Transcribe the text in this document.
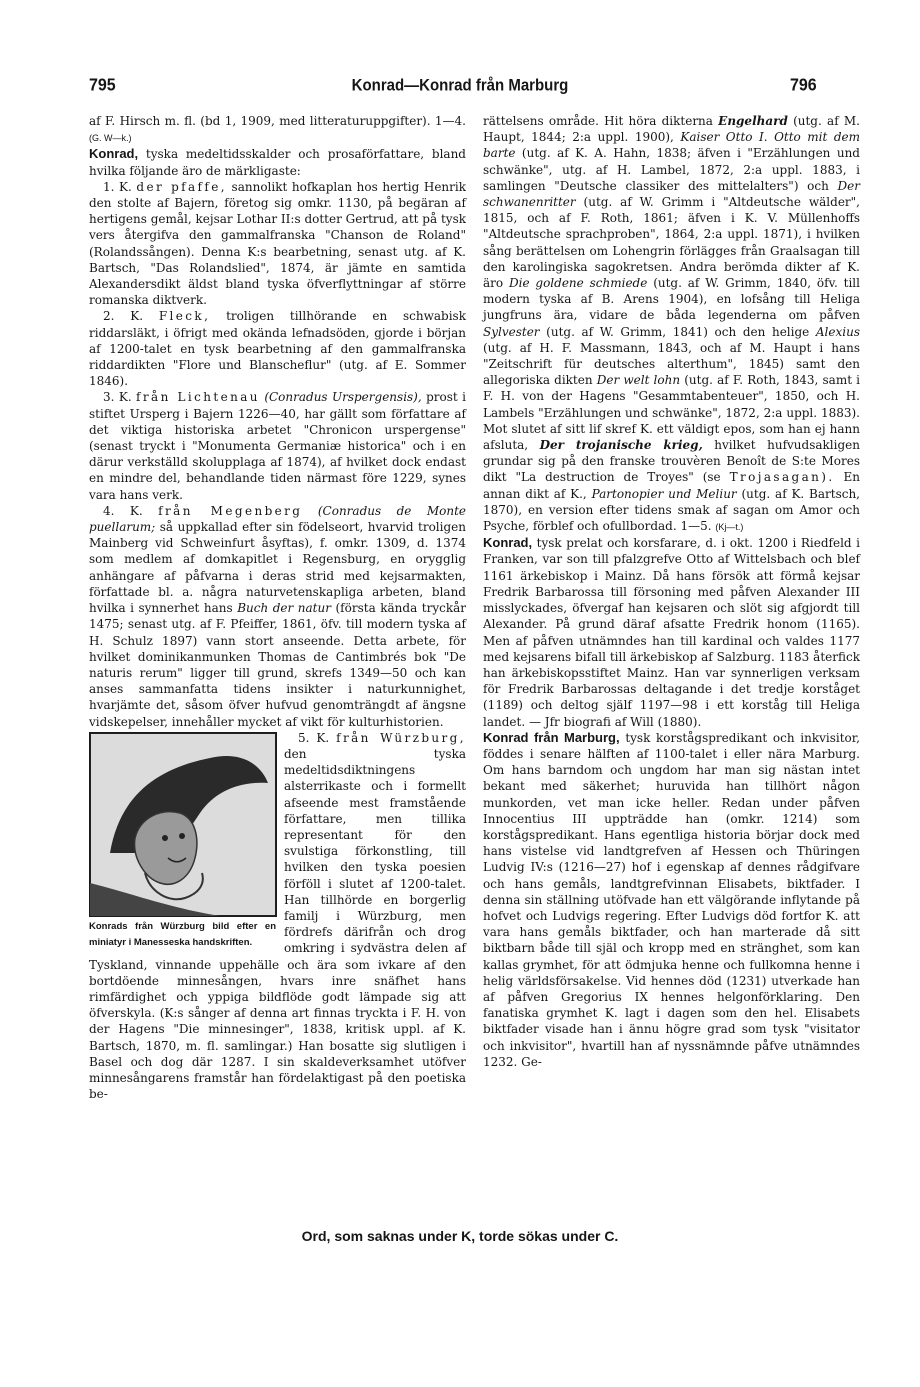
795	Konrad—Konrad från Marburg	796

af F. Hirsch m. fl. (bd 1, 1909, med litteraturuppgifter). 1—4. (G. W—k.)

Konrad, tyska medeltidsskalder och prosaförfattare, bland hvilka följande äro de märkligaste:

1. K. der pfaffe, sannolikt hofkaplan hos hertig Henrik den stolte af Bajern, företog sig omkr. 1130, på begäran af hertigens gemål, kejsar Lothar II:s dotter Gertrud, att på tysk vers återgifva den gammalfranska "Chanson de Roland" (Rolandssången). Denna K:s bearbetning, senast utg. af K. Bartsch, "Das Rolandslied", 1874, är jämte en samtida Alexandersdikt äldst bland tyska öfverflyttningar af större romanska diktverk.

2. K. Fleck, troligen tillhörande en schwabisk riddarsläkt, i öfrigt med okända lefnadsöden, gjorde i början af 1200-talet en tysk bearbetning af den gammalfranska riddardikten "Flore und Blanscheflur" (utg. af E. Sommer 1846).

3. K. från Lichtenau (Conradus Urspergensis), prost i stiftet Ursperg i Bajern 1226—40, har gällt som författare af det viktiga historiska arbetet "Chronicon urspergense" (senast tryckt i "Monumenta Germaniæ historica" och i en därur verkställd skolupplaga af 1874), af hvilket dock endast en mindre del, behandlande tiden närmast före 1229, synes vara hans verk.

4. K. från Megenberg (Conradus de Monte puellarum; så uppkallad efter sin födelseort, hvarvid troligen Mainberg vid Schweinfurt åsyftas), f. omkr. 1309, d. 1374 som medlem af domkapitlet i Regensburg, en orygglig anhängare af påfvarna i deras strid med kejsarmakten, författade bl. a. några naturvetenskapliga arbeten, bland hvilka i synnerhet hans Buch der natur (första kända tryckår 1475; senast utg. af F. Pfeiffer, 1861, öfv. till modern tyska af H. Schulz 1897) vann stort anseende. Detta arbete, för hvilket dominikanmunken Thomas de Cantimbrés bok "De naturis rerum" ligger till grund, skrefs 1349—50 och kan anses sammanfatta tidens insikter i naturkunnighet, hvarjämte det, såsom öfver hufvud genomträngdt af ängsne vidskepelser, innehåller mycket af vikt för kulturhistorien.

5. K. från Würzburg,
Konrads från Würzburg bild efter en miniatyr i Manesseska handskriften.
den tyska medeltidsdiktningens alsterrikaste och i formellt afseende mest framstående författare, men tillika representant för den svulstiga förkonstling, till hvilken den tyska poesien förföll i slutet af 1200-talet. Han tillhörde en borgerlig familj i Würzburg, men fördrefs därifrån och drog omkring i sydvästra delen af Tyskland, vinnande uppehälle och ära som ivkare af den bortdöende minnesången, hvars inre snäfhet hans rimfärdighet och yppiga bildflöde godt lämpade sig att öfverskyla. (K:s sånger af denna art finnas tryckta i F. H. von der Hagens "Die minnesinger", 1838, kritisk uppl. af K. Bartsch, 1870, m. fl. samlingar.) Han bosatte sig slutligen i Basel och dog där 1287. I sin skaldeverksamhet utöfver minnesångarens framstår han fördelaktigast på den poetiska be-

rättelsens område. Hit höra dikterna Engelhard (utg. af M. Haupt, 1844; 2:a uppl. 1900), Kaiser Otto I. Otto mit dem barte (utg. af K. A. Hahn, 1838; äfven i "Erzählungen und schwänke", utg. af H. Lambel, 1872, 2:a uppl. 1883, i samlingen "Deutsche classiker des mittelalters") och Der schwanenritter (utg. af W. Grimm i "Altdeutsche wälder", 1815, och af F. Roth, 1861; äfven i K. V. Müllenhoffs "Altdeutsche sprachproben", 1864, 2:a uppl. 1871), i hvilken sång berättelsen om Lohengrin förlägges från Graalsagan till den karolingiska sagokretsen. Andra berömda dikter af K. äro Die goldene schmiede (utg. af W. Grimm, 1840, öfv. till modern tyska af B. Arens 1904), en lofsång till Heliga jungfruns ära, vidare de båda legenderna om påfven Sylvester (utg. af W. Grimm, 1841) och den helige Alexius (utg. af H. F. Massmann, 1843, och af M. Haupt i hans "Zeitschrift für deutsches alterthum", 1845) samt den allegoriska dikten Der welt lohn (utg. af F. Roth, 1843, samt i F. H. von der Hagens "Gesammtabenteuer", 1850, och H. Lambels "Erzählungen und schwänke", 1872, 2:a uppl. 1883). Mot slutet af sitt lif skref K. ett väldigt epos, som han ej hann afsluta, Der trojanische krieg, hvilket hufvudsakligen grundar sig på den franske trouvèren Benoît de S:te Mores dikt "La destruction de Troyes" (se Trojasagan). En annan dikt af K., Partonopier und Meliur (utg. af K. Bartsch, 1870), en version efter tidens smak af sagan om Amor och Psyche, förblef och ofullbordad. 1—5. (Kj—t.)

Konrad, tysk prelat och korsfarare, d. i okt. 1200 i Riedfeld i Franken, var son till pfalzgrefve Otto af Wittelsbach och blef 1161 ärkebiskop i Mainz. Då hans försök att förmå kejsar Fredrik Barbarossa till försoning med påfven Alexander III misslyckades, öfvergaf han kejsaren och slöt sig afgjordt till Alexander. På grund däraf afsatte Fredrik honom (1165). Men af påfven utnämndes han till kardinal och valdes 1177 med kejsarens bifall till ärkebiskop af Salzburg. 1183 återfick han ärkebiskopsstiftet Mainz. Han var synnerligen verksam för Fredrik Barbarossas deltagande i det tredje korståget (1189) och deltog själf 1197—98 i ett korståg till Heliga landet. — Jfr biografi af Will (1880).

Konrad från Marburg, tysk korstågspredikant och inkvisitor, föddes i senare hälften af 1100-talet i eller nära Marburg. Om hans barndom och ungdom har man sig nästan intet bekant med säkerhet; huruvida han tillhört någon munkorden, vet man icke heller. Redan under påfven Innocentius III uppträdde han (omkr. 1214) som korstågspredikant. Hans egentliga historia börjar dock med hans vistelse vid landtgrefven af Hessen och Thüringen Ludvig IV:s (1216—27) hof i egenskap af dennes rådgifvare och hans gemåls, landtgrefvinnan Elisabets, biktfader. I denna sin ställning utöfvade han ett välgörande inflytande på hofvet och Ludvigs regering. Efter Ludvigs död fortfor K. att vara hans gemåls biktfader, och han marterade då sitt biktbarn både till själ och kropp med en stränghet, som kan kallas grymhet, för att ödmjuka henne och fullkomna henne i helig världsförsakelse. Vid hennes död (1231) utverkade han af påfven Gregorius IX hennes helgonförklaring. Den fanatiska grymhet K. lagt i dagen som den hel. Elisabets biktfader visade han i ännu högre grad som tysk "visitator och inkvisitor", hvartill han af nyssnämnde påfve utnämndes 1232. Ge-

Ord, som saknas under K, torde sökas under C.
